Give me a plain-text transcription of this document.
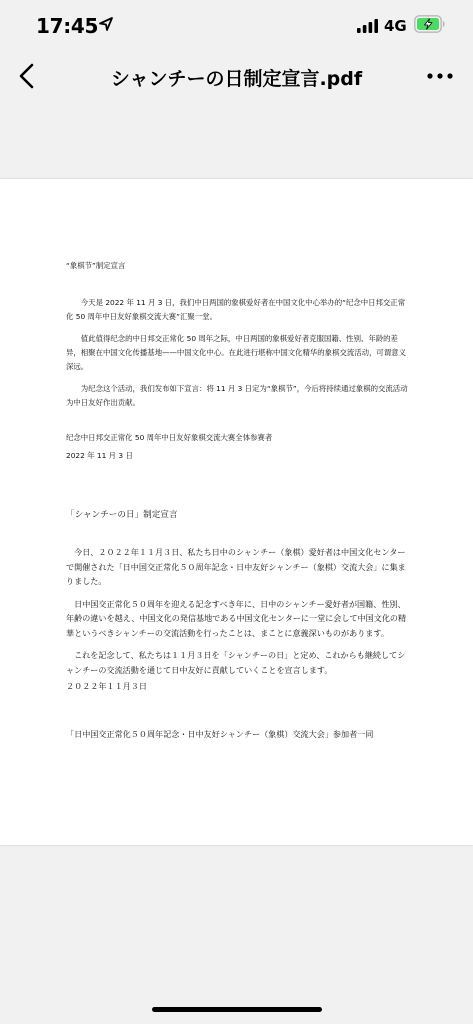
17:45	4G
シャンチーの日制定宣言.pdf
“象棋节”制定宣言

今天是 2022 年 11 月 3 日，我们中日两国的象棋爱好者在中国文化中心举办的“纪念中日邦交正常化 50 周年中日友好象棋交流大赛”汇聚一堂。

值此值得纪念的中日邦交正常化 50 周年之际，中日两国的象棋爱好者克服国籍、性别、年龄的差异，相聚在中国文化传播基地——中国文化中心。在此进行堪称中国文化精华的象棋交流活动，可谓意义深远。

为纪念这个活动，我们发布如下宣言：将 11 月 3 日定为“象棋节”，今后将持续通过象棋的交流活动为中日友好作出贡献。

纪念中日邦交正常化 50 周年中日友好象棋交流大赛全体参赛者
2022 年 11 月 3 日
「シャンチーの日」制定宣言

今日、２０２２年１１月３日、私たち日中のシャンチー（象棋）愛好者は中国文化センターで開催された「日中国交正常化５０周年記念・日中友好シャンチー（象棋）交流大会」に集まりました。

日中国交正常化５０周年を迎える記念すべき年に、日中のシャンチー愛好者が国籍、性別、年齢の違いを越え、中国文化の発信基地である中国文化センターに一堂に会して中国文化の精華というべきシャンチーの交流活動を行ったことは、まことに意義深いものがあります。

これを記念して、私たちは１１月３日を「シャンチーの日」と定め、これからも継続してシャンチーの交流活動を通じて日中友好に貢献していくことを宣言します。

２０２２年１１月３日
「日中国交正常化５０周年記念・日中友好シャンチー（象棋）交流大会」参加者一同
